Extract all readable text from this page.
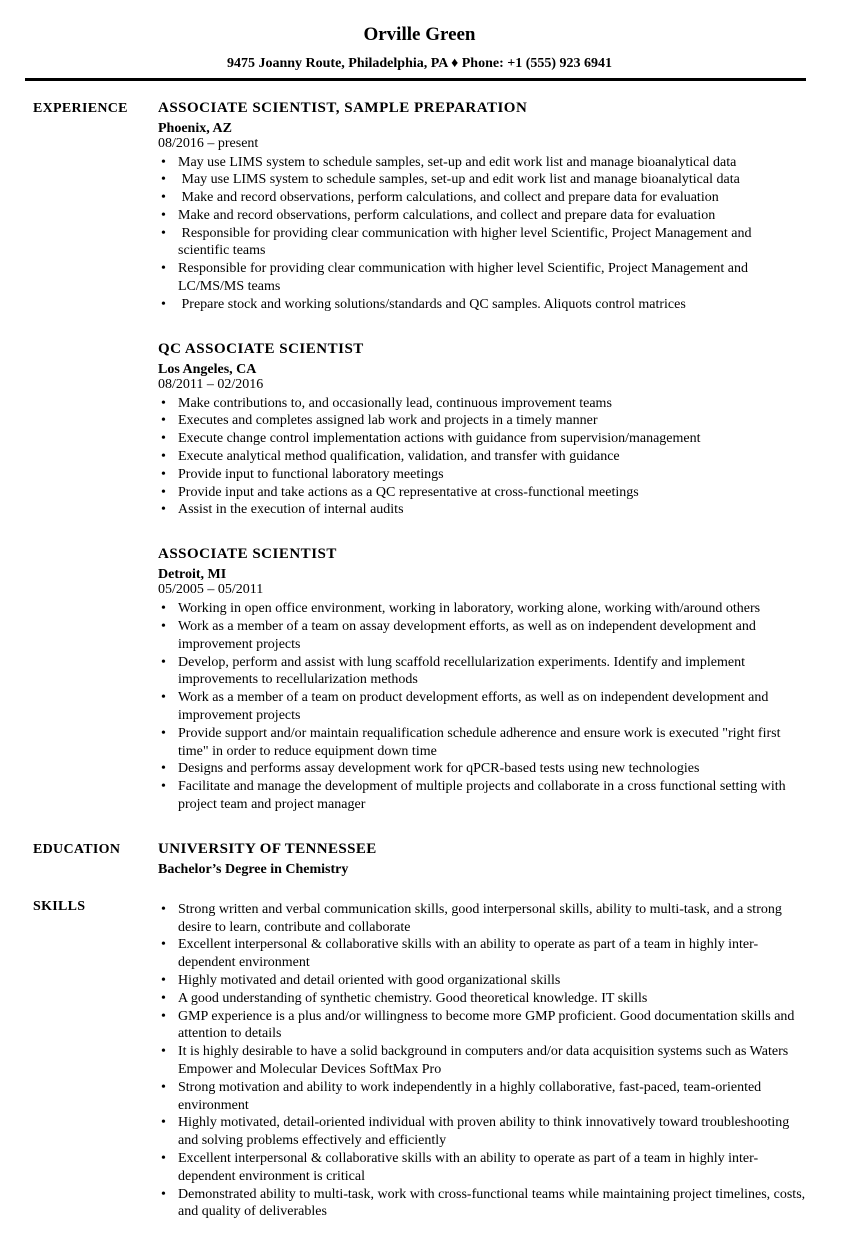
Orville Green
9475 Joanny Route, Philadelphia, PA ♦ Phone: +1 (555) 923 6941
EXPERIENCE	ASSOCIATE SCIENTIST, SAMPLE PREPARATION
Phoenix, AZ
08/2016 – present
• May use LIMS system to schedule samples, set-up and edit work list and manage bioanalytical data
•  May use LIMS system to schedule samples, set-up and edit work list and manage bioanalytical data
•  Make and record observations, perform calculations, and collect and prepare data for evaluation
• Make and record observations, perform calculations, and collect and prepare data for evaluation
•  Responsible for providing clear communication with higher level Scientific, Project Management and scientific teams
• Responsible for providing clear communication with higher level Scientific, Project Management and LC/MS/MS teams
•  Prepare stock and working solutions/standards and QC samples. Aliquots control matrices
QC ASSOCIATE SCIENTIST
Los Angeles, CA
08/2011 – 02/2016
• Make contributions to, and occasionally lead, continuous improvement teams
• Executes and completes assigned lab work and projects in a timely manner
• Execute change control implementation actions with guidance from supervision/management
• Execute analytical method qualification, validation, and transfer with guidance
• Provide input to functional laboratory meetings
• Provide input and take actions as a QC representative at cross-functional meetings
• Assist in the execution of internal audits
ASSOCIATE SCIENTIST
Detroit, MI
05/2005 – 05/2011
• Working in open office environment, working in laboratory, working alone, working with/around others
• Work as a member of a team on assay development efforts, as well as on independent development and improvement projects
• Develop, perform and assist with lung scaffold recellularization experiments. Identify and implement improvements to recellularization methods
• Work as a member of a team on product development efforts, as well as on independent development and improvement projects
• Provide support and/or maintain requalification schedule adherence and ensure work is executed "right first time" in order to reduce equipment down time
• Designs and performs assay development work for qPCR-based tests using new technologies
• Facilitate and manage the development of multiple projects and collaborate in a cross functional setting with project team and project manager
EDUCATION	UNIVERSITY OF TENNESSEE
Bachelor’s Degree in Chemistry
SKILLS	• Strong written and verbal communication skills, good interpersonal skills, ability to multi-task, and a strong desire to learn, contribute and collaborate
• Excellent interpersonal & collaborative skills with an ability to operate as part of a team in highly inter-dependent environment
• Highly motivated and detail oriented with good organizational skills
• A good understanding of synthetic chemistry. Good theoretical knowledge. IT skills
• GMP experience is a plus and/or willingness to become more GMP proficient. Good documentation skills and attention to details
• It is highly desirable to have a solid background in computers and/or data acquisition systems such as Waters Empower and Molecular Devices SoftMax Pro
• Strong motivation and ability to work independently in a highly collaborative, fast-paced, team-oriented environment
• Highly motivated, detail-oriented individual with proven ability to think innovatively toward troubleshooting and solving problems effectively and efficiently
• Excellent interpersonal & collaborative skills with an ability to operate as part of a team in highly inter-dependent environment is critical
• Demonstrated ability to multi-task, work with cross-functional teams while maintaining project timelines, costs, and quality of deliverables
